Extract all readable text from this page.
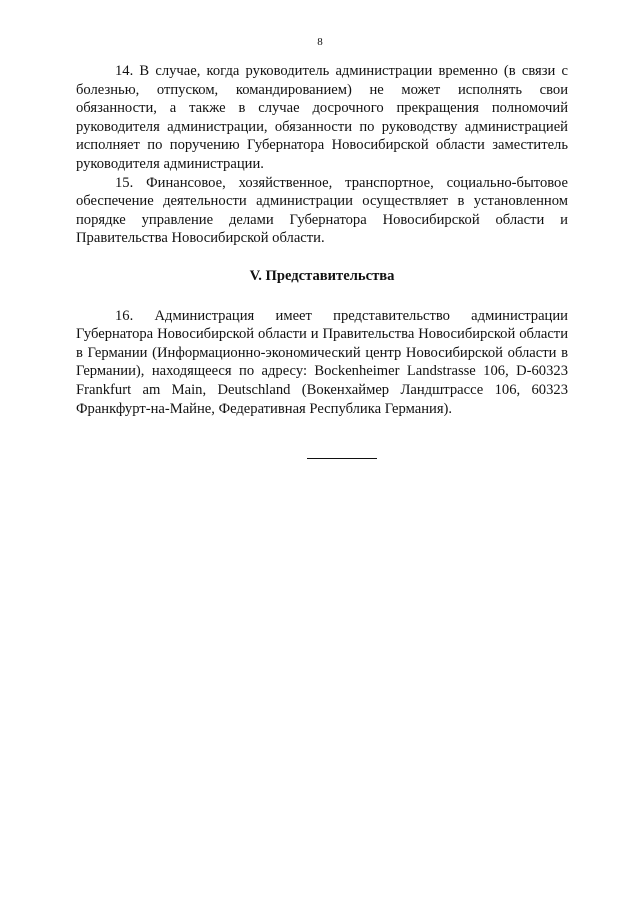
8

14. В случае, когда руководитель администрации временно (в связи с болезнью, отпуском, командированием) не может исполнять свои обязанности, а также в случае досрочного прекращения полномочий руководителя администрации, обязанности по руководству администрацией исполняет по поручению Губернатора Новосибирской области заместитель руководителя администрации.

15. Финансовое, хозяйственное, транспортное, социально-бытовое обеспечение деятельности администрации осуществляет в установленном порядке управление делами Губернатора Новосибирской области и Правительства Новосибирской области.

V. Представительства

16. Администрация имеет представительство администрации Губернатора Новосибирской области и Правительства Новосибирской области в Германии (Информационно-экономический центр Новосибирской области в Германии), находящееся по адресу: Bockenheimer Landstrasse 106, D-60323 Frankfurt am Main, Deutschland (Вокенхаймер Ландштрассе 106, 60323 Франкфурт-на-Майне, Федеративная Республика Германия).
